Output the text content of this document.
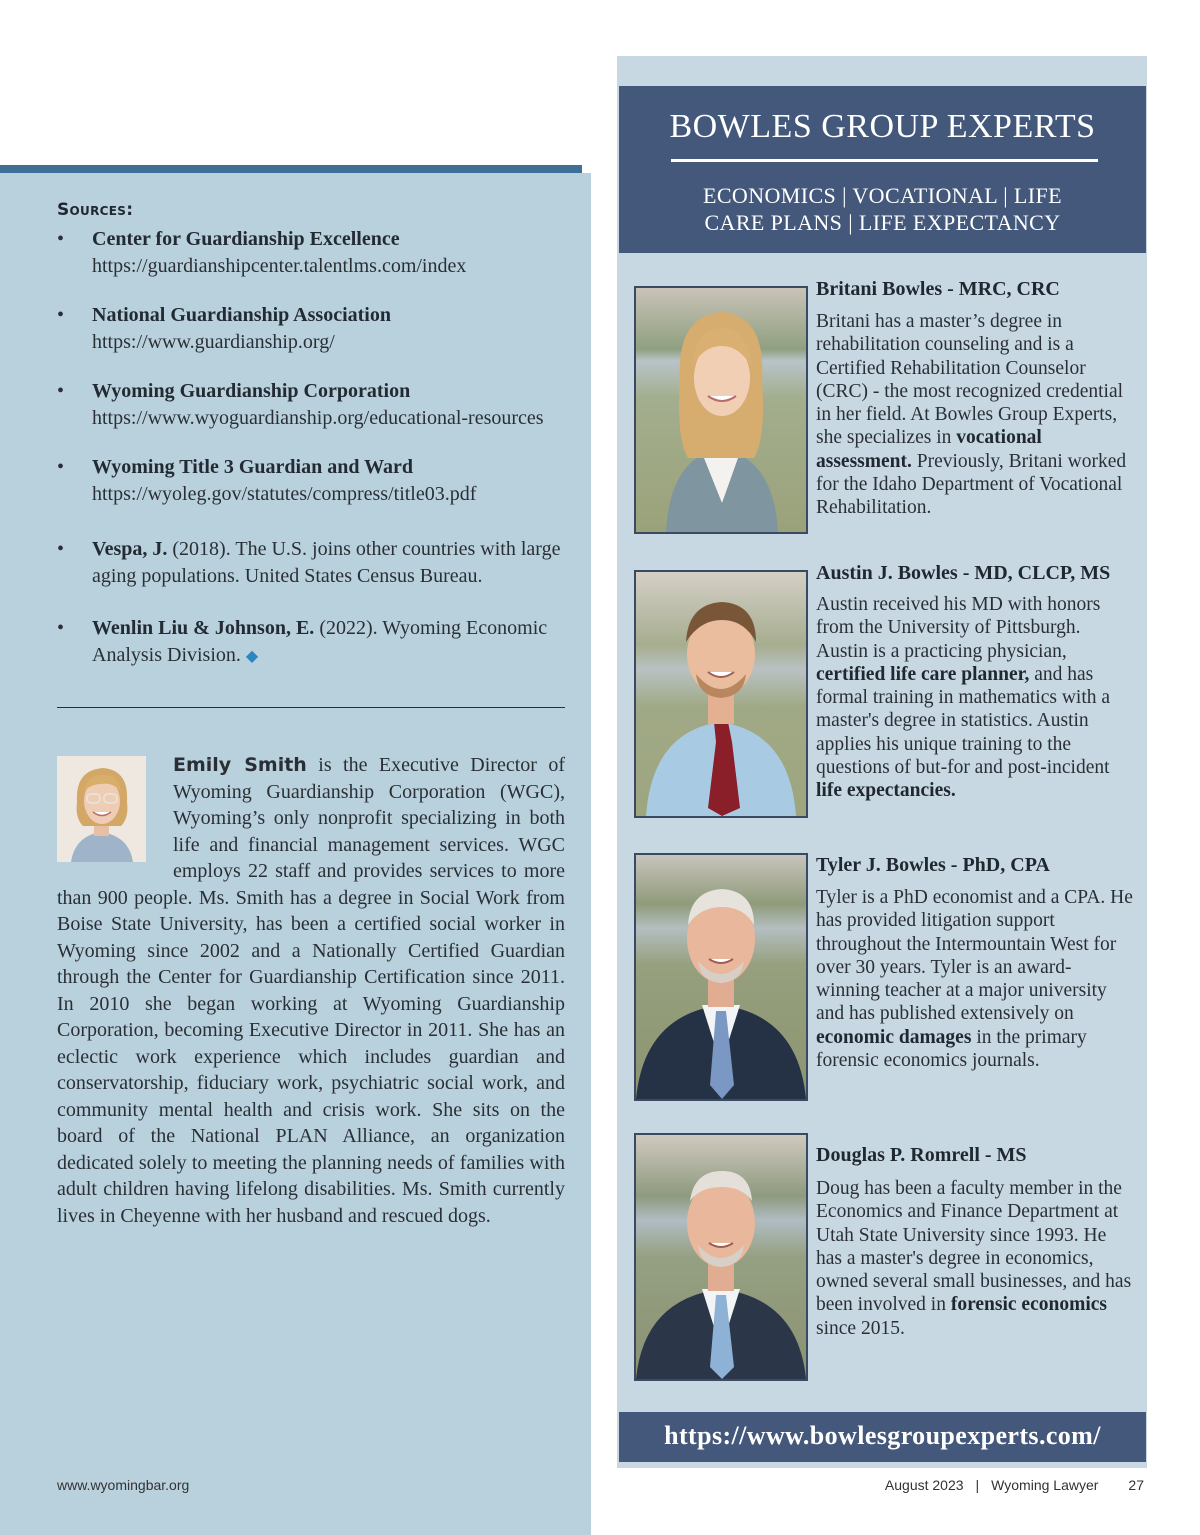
Sources:
• Center for Guardianship Excellence
https://guardianshipcenter.talentlms.com/index
• National Guardianship Association
https://www.guardianship.org/
• Wyoming Guardianship Corporation
https://www.wyoguardianship.org/educational-resources
• Wyoming Title 3 Guardian and Ward
https://wyoleg.gov/statutes/compress/title03.pdf
• Vespa, J. (2018). The U.S. joins other countries with large aging populations. United States Census Bureau.
• Wenlin Liu & Johnson, E. (2022). Wyoming Economic Analysis Division. ◆
Emily Smith is the Executive Director of Wyoming Guardianship Corporation (WGC), Wyoming’s only nonprofit specializing in both life and financial management services. WGC employs 22 staff and provides services to more than 900 people. Ms. Smith has a degree in Social Work from Boise State University, has been a certified social worker in Wyoming since 2002 and a Nationally Certified Guardian through the Center for Guardianship Certification since 2011. In 2010 she began working at Wyoming Guardianship Corporation, becoming Executive Director in 2011. She has an eclectic work experience which includes guardian and conservatorship, fiduciary work, psychiatric social work, and community mental health and crisis work. She sits on the board of the National PLAN Alliance, an organization dedicated solely to meeting the planning needs of families with adult children having lifelong disabilities. Ms. Smith currently lives in Cheyenne with her husband and rescued dogs.
www.wyomingbar.org	August 2023 | Wyoming Lawyer 27
BOWLES GROUP EXPERTS
ECONOMICS | VOCATIONAL | LIFE
CARE PLANS | LIFE EXPECTANCY
Britani Bowles - MRC, CRC
Britani has a master’s degree in rehabilitation counseling and is a Certified Rehabilitation Counselor (CRC) - the most recognized credential in her field. At Bowles Group Experts, she specializes in vocational assessment. Previously, Britani worked for the Idaho Department of Vocational Rehabilitation.
Austin J. Bowles - MD, CLCP, MS
Austin received his MD with honors from the University of Pittsburgh. Austin is a practicing physician, certified life care planner, and has formal training in mathematics with a master's degree in statistics. Austin applies his unique training to the questions of but-for and post-incident life expectancies.
Tyler J. Bowles - PhD, CPA
Tyler is a PhD economist and a CPA. He has provided litigation support throughout the Intermountain West for over 30 years. Tyler is an award-winning teacher at a major university and has published extensively on economic damages in the primary forensic economics journals.
Douglas P. Romrell - MS
Doug has been a faculty member in the Economics and Finance Department at Utah State University since 1993. He has a master's degree in economics, owned several small businesses, and has been involved in forensic economics since 2015.
https://www.bowlesgroupexperts.com/
